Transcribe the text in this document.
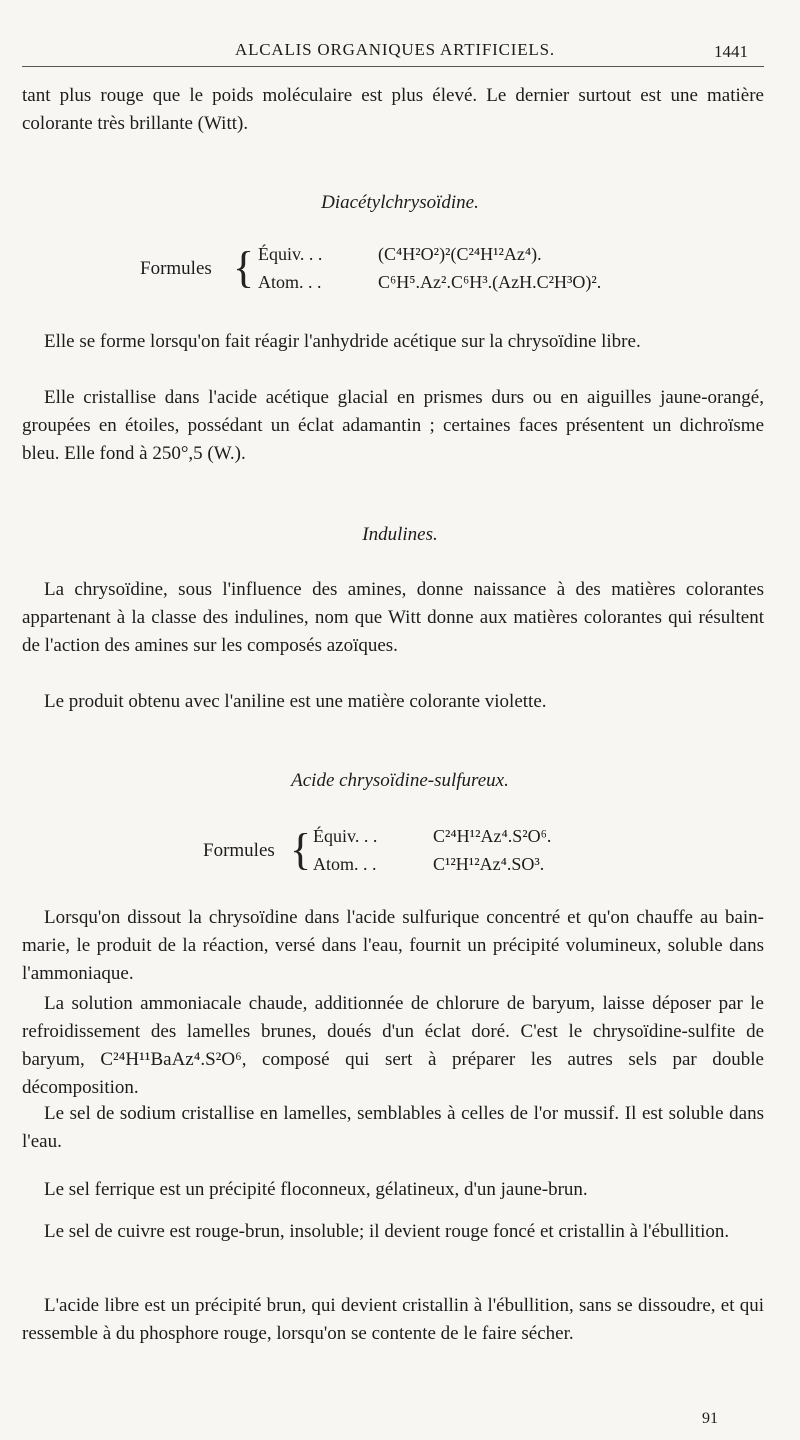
ALCALIS ORGANIQUES ARTIFICIELS.	1441
tant plus rouge que le poids moléculaire est plus élevé. Le dernier surtout est une matière colorante très brillante (Witt).
Diacétylchrysoïdine.
Formules { Équiv. . .	(C⁴H²O²)²(C²⁴H¹²Az⁴).
Atom. . .	C⁶H⁵.Az².C⁶H³.(AzH.C²H³O)².
Elle se forme lorsqu'on fait réagir l'anhydride acétique sur la chrysoïdine libre.
Elle cristallise dans l'acide acétique glacial en prismes durs ou en aiguilles jaune-orangé, groupées en étoiles, possédant un éclat adamantin ; certaines faces présentent un dichroïsme bleu. Elle fond à 250°,5 (W.).
Indulines.
La chrysoïdine, sous l'influence des amines, donne naissance à des matières colorantes appartenant à la classe des indulines, nom que Witt donne aux matières colorantes qui résultent de l'action des amines sur les composés azoïques.
Le produit obtenu avec l'aniline est une matière colorante violette.
Acide chrysoïdine-sulfureux.
Formules { Équiv. . .	C²⁴H¹²Az⁴.S²O⁶.
Atom. . .	C¹²H¹²Az⁴.SO³.
Lorsqu'on dissout la chrysoïdine dans l'acide sulfurique concentré et qu'on chauffe au bain-marie, le produit de la réaction, versé dans l'eau, fournit un précipité volumineux, soluble dans l'ammoniaque.
La solution ammoniacale chaude, additionnée de chlorure de baryum, laisse déposer par le refroidissement des lamelles brunes, doués d'un éclat doré. C'est le chrysoïdine-sulfite de baryum, C²⁴H¹¹BaAz⁴.S²O⁶, composé qui sert à préparer les autres sels par double décomposition.
Le sel de sodium cristallise en lamelles, semblables à celles de l'or mussif. Il est soluble dans l'eau.
Le sel ferrique est un précipité floconneux, gélatineux, d'un jaune-brun.
Le sel de cuivre est rouge-brun, insoluble; il devient rouge foncé et cristallin à l'ébullition.
L'acide libre est un précipité brun, qui devient cristallin à l'ébullition, sans se dissoudre, et qui ressemble à du phosphore rouge, lorsqu'on se contente de le faire sécher.
91
